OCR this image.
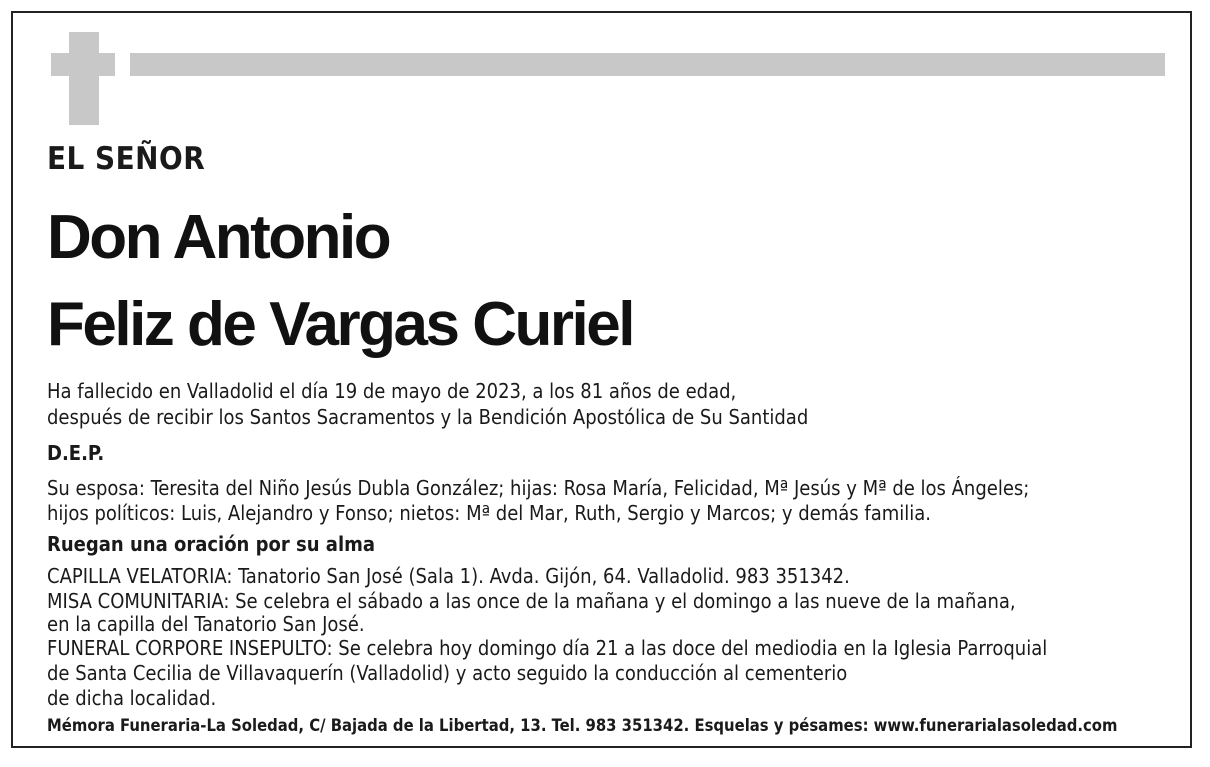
EL SEÑOR
Don Antonio
Feliz de Vargas Curiel
Ha fallecido en Valladolid el día 19 de mayo de 2023, a los 81 años de edad,
después de recibir los Santos Sacramentos y la Bendición Apostólica de Su Santidad
D.E.P.
Su esposa: Teresita del Niño Jesús Dubla González; hijas: Rosa María, Felicidad, Mª Jesús y Mª de los Ángeles;
hijos políticos: Luis, Alejandro y Fonso; nietos: Mª del Mar, Ruth, Sergio y Marcos; y demás familia.
Ruegan una oración por su alma
CAPILLA VELATORIA: Tanatorio San José (Sala 1). Avda. Gijón, 64. Valladolid. 983 351342.
MISA COMUNITARIA: Se celebra el sábado a las once de la mañana y el domingo a las nueve de la mañana,
en la capilla del Tanatorio San José.
FUNERAL CORPORE INSEPULTO: Se celebra hoy domingo día 21 a las doce del mediodia en la Iglesia Parroquial
de Santa Cecilia de Villavaquerín (Valladolid) y acto seguido la conducción al cementerio
de dicha localidad.
Mémora Funeraria-La Soledad, C/ Bajada de la Libertad, 13. Tel. 983 351342. Esquelas y pésames: www.funerarialasoledad.com
